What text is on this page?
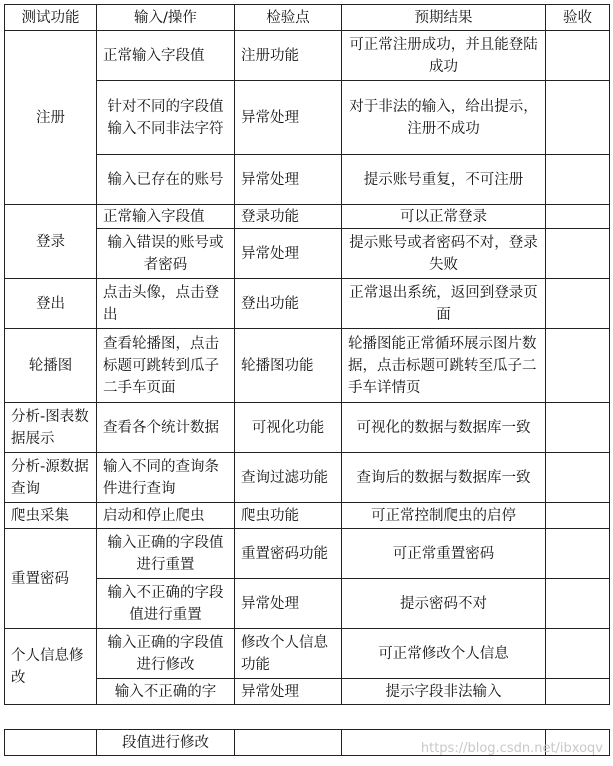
测试功能	输入/操作	检验点	预期结果	验收
注册	正常输入字段值	注册功能	可正常注册成功，并且能登陆成功	
	针对不同的字段值输入不同非法字符	异常处理	对于非法的输入，给出提示，注册不成功	
	输入已存在的账号	异常处理	提示账号重复，不可注册	
登录	正常输入字段值	登录功能	可以正常登录	
	输入错误的账号或者密码	异常处理	提示账号或者密码不对，登录失败	
登出	点击头像，点击登出	登出功能	正常退出系统，返回到登录页面	
轮播图	查看轮播图，点击标题可跳转到瓜子二手车页面	轮播图功能	轮播图能正常循环展示图片数据，点击标题可跳转至瓜子二手车详情页	
分析-图表数据展示	查看各个统计数据	可视化功能	可视化的数据与数据库一致	
分析-源数据查询	输入不同的查询条件进行查询	查询过滤功能	查询后的数据与数据库一致	
爬虫采集	启动和停止爬虫	爬虫功能	可正常控制爬虫的启停	
重置密码	输入正确的字段值进行重置	重置密码功能	可正常重置密码	
	输入不正确的字段值进行重置	异常处理	提示密码不对	
个人信息修改	输入正确的字段值进行修改	修改个人信息功能	可正常修改个人信息	
	输入不正确的字	异常处理	提示字段非法输入	
	段值进行修改				https://blog.csdn.net/ibxoqv
